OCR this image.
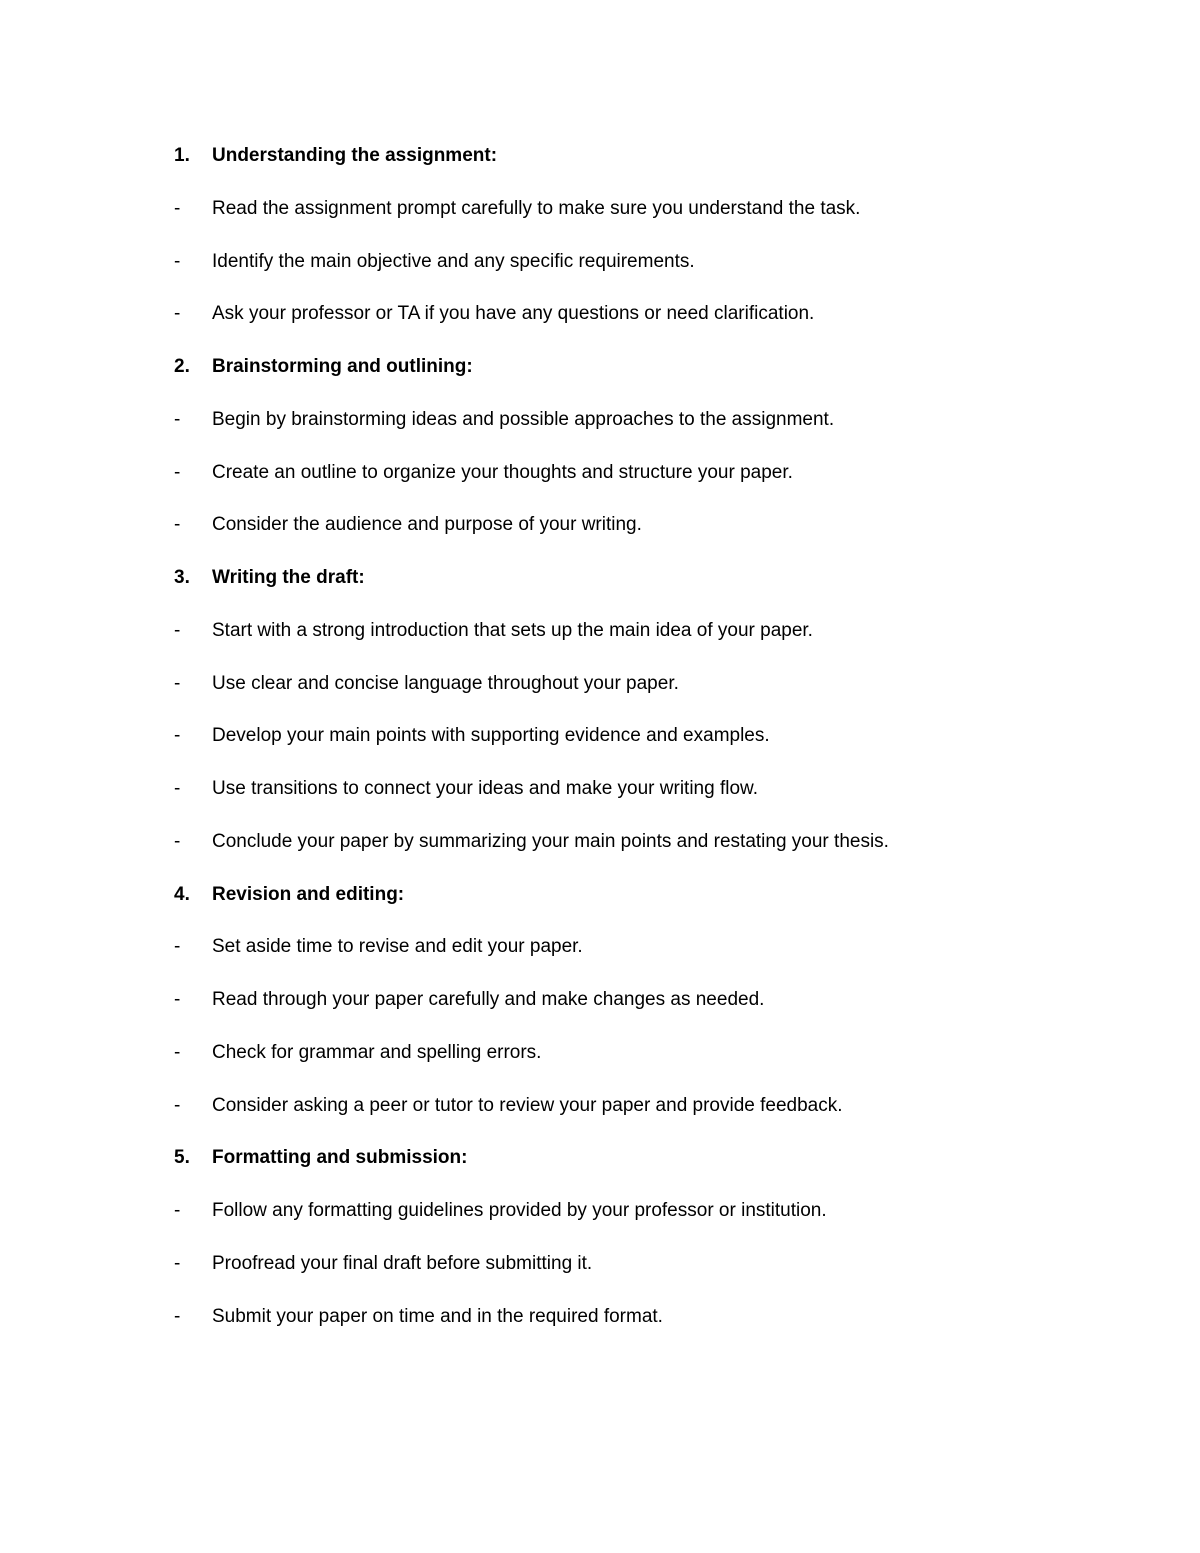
1. Understanding the assignment:
- Read the assignment prompt carefully to make sure you understand the task.
- Identify the main objective and any specific requirements.
- Ask your professor or TA if you have any questions or need clarification.
2. Brainstorming and outlining:
- Begin by brainstorming ideas and possible approaches to the assignment.
- Create an outline to organize your thoughts and structure your paper.
- Consider the audience and purpose of your writing.
3. Writing the draft:
- Start with a strong introduction that sets up the main idea of your paper.
- Use clear and concise language throughout your paper.
- Develop your main points with supporting evidence and examples.
- Use transitions to connect your ideas and make your writing flow.
- Conclude your paper by summarizing your main points and restating your thesis.
4. Revision and editing:
- Set aside time to revise and edit your paper.
- Read through your paper carefully and make changes as needed.
- Check for grammar and spelling errors.
- Consider asking a peer or tutor to review your paper and provide feedback.
5. Formatting and submission:
- Follow any formatting guidelines provided by your professor or institution.
- Proofread your final draft before submitting it.
- Submit your paper on time and in the required format.
